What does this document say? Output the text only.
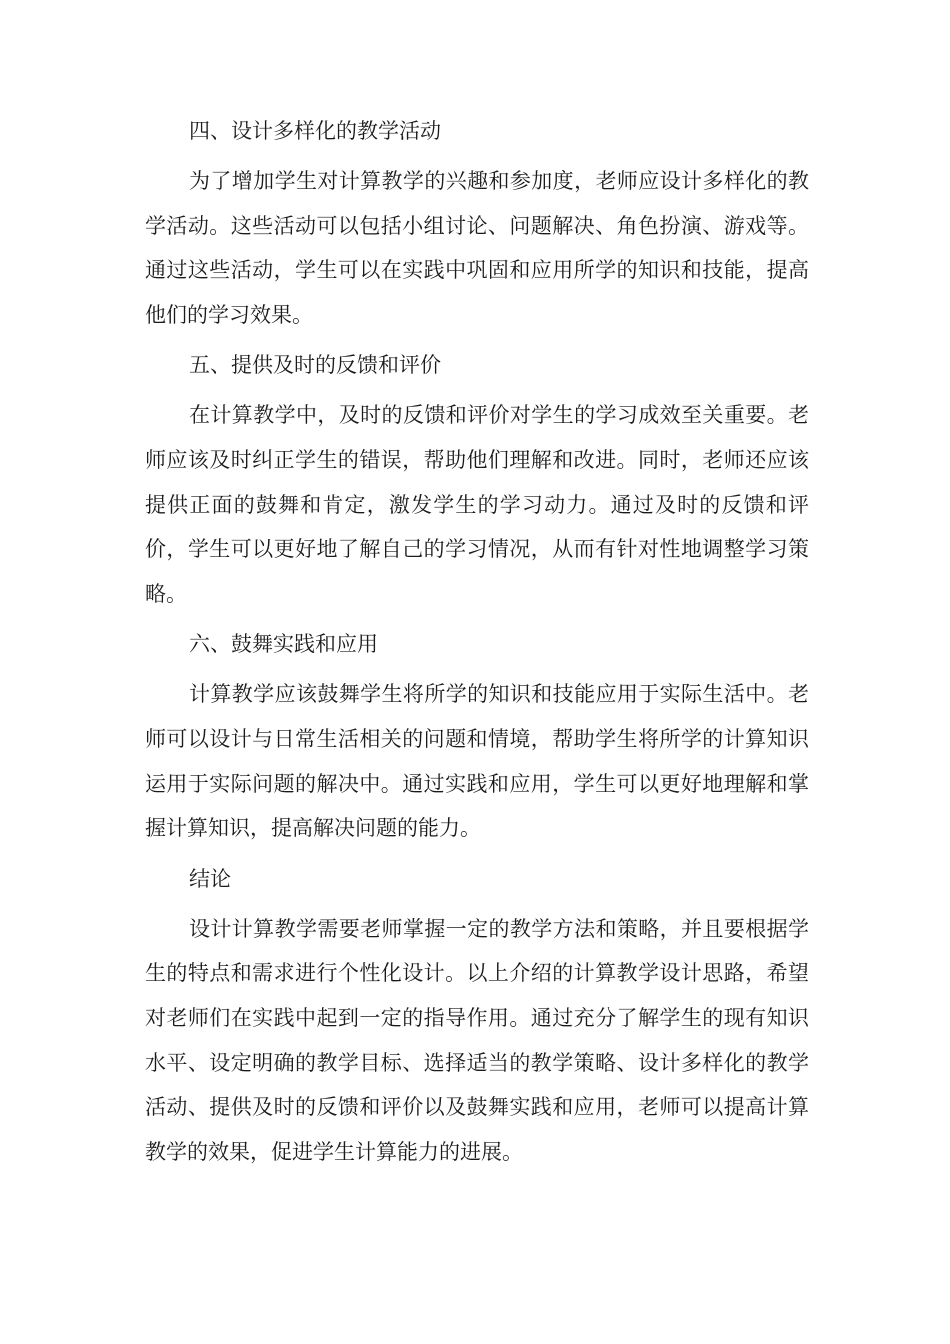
四、设计多样化的教学活动
为了增加学生对计算教学的兴趣和参加度，老师应设计多样化的教学活动。这些活动可以包括小组讨论、问题解决、角色扮演、游戏等。通过这些活动，学生可以在实践中巩固和应用所学的知识和技能，提高他们的学习效果。
五、提供及时的反馈和评价
在计算教学中，及时的反馈和评价对学生的学习成效至关重要。老师应该及时纠正学生的错误，帮助他们理解和改进。同时，老师还应该提供正面的鼓舞和肯定，激发学生的学习动力。通过及时的反馈和评价，学生可以更好地了解自己的学习情况，从而有针对性地调整学习策略。
六、鼓舞实践和应用
计算教学应该鼓舞学生将所学的知识和技能应用于实际生活中。老师可以设计与日常生活相关的问题和情境，帮助学生将所学的计算知识运用于实际问题的解决中。通过实践和应用，学生可以更好地理解和掌握计算知识，提高解决问题的能力。
结论
设计计算教学需要老师掌握一定的教学方法和策略，并且要根据学生的特点和需求进行个性化设计。以上介绍的计算教学设计思路，希望对老师们在实践中起到一定的指导作用。通过充分了解学生的现有知识水平、设定明确的教学目标、选择适当的教学策略、设计多样化的教学活动、提供及时的反馈和评价以及鼓舞实践和应用，老师可以提高计算教学的效果，促进学生计算能力的进展。
